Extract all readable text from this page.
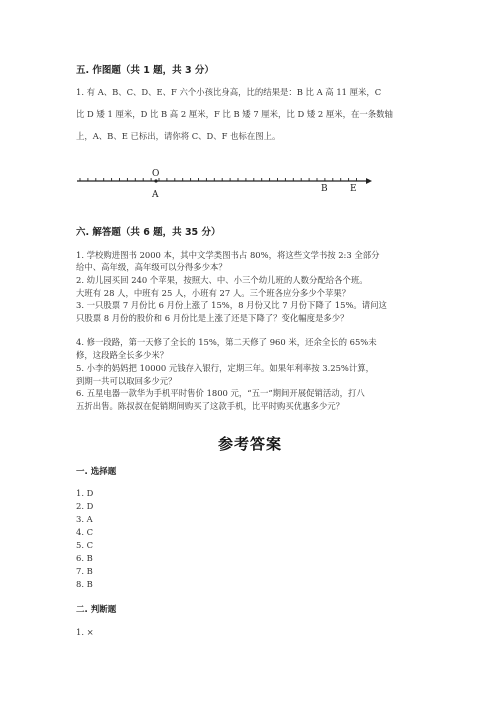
五. 作图题（共 1 题，共 3 分）
1. 有 A、B、C、D、E、F 六个小孩比身高，比的结果是：B 比 A 高 11 厘米，C
比 D 矮 1 厘米，D 比 B 高 2 厘米，F 比 B 矮 7 厘米，比 D 矮 2 厘米，在一条数轴
上，A、B、E 已标出，请你将 C、D、F 也标在图上。
O
A
B E
六. 解答题（共 6 题，共 35 分）
1. 学校购进图书 2000 本，其中文学类图书占 80%，将这些文学书按 2:3 全部分
给中、高年级，高年级可以分得多少本？
2. 幼儿园买回 240 个苹果，按照大、中、小三个幼儿班的人数分配给各个班。
大班有 28 人，中班有 25 人，小班有 27 人。三个班各应分多少个苹果？
3. 一只股票 7 月份比 6 月份上涨了 15%，8 月份又比 7 月份下降了 15%。请问这
只股票 8 月份的股价和 6 月份比是上涨了还是下降了？变化幅度是多少？
4. 修一段路，第一天修了全长的 15%，第二天修了 960 米，还余全长的 65%未
修，这段路全长多少米？
5. 小李的妈妈把 10000 元钱存入银行，定期三年。如果年利率按 3.25%计算，
到期一共可以取回多少元？
6. 五星电器一款华为手机平时售价 1800 元，“五一”期间开展促销活动，打八
五折出售。陈叔叔在促销期间购买了这款手机，比平时购买优惠多少元？
参考答案
一. 选择题
1. D
2. D
3. A
4. C
5. C
6. B
7. B
8. B
二. 判断题
1. ×
